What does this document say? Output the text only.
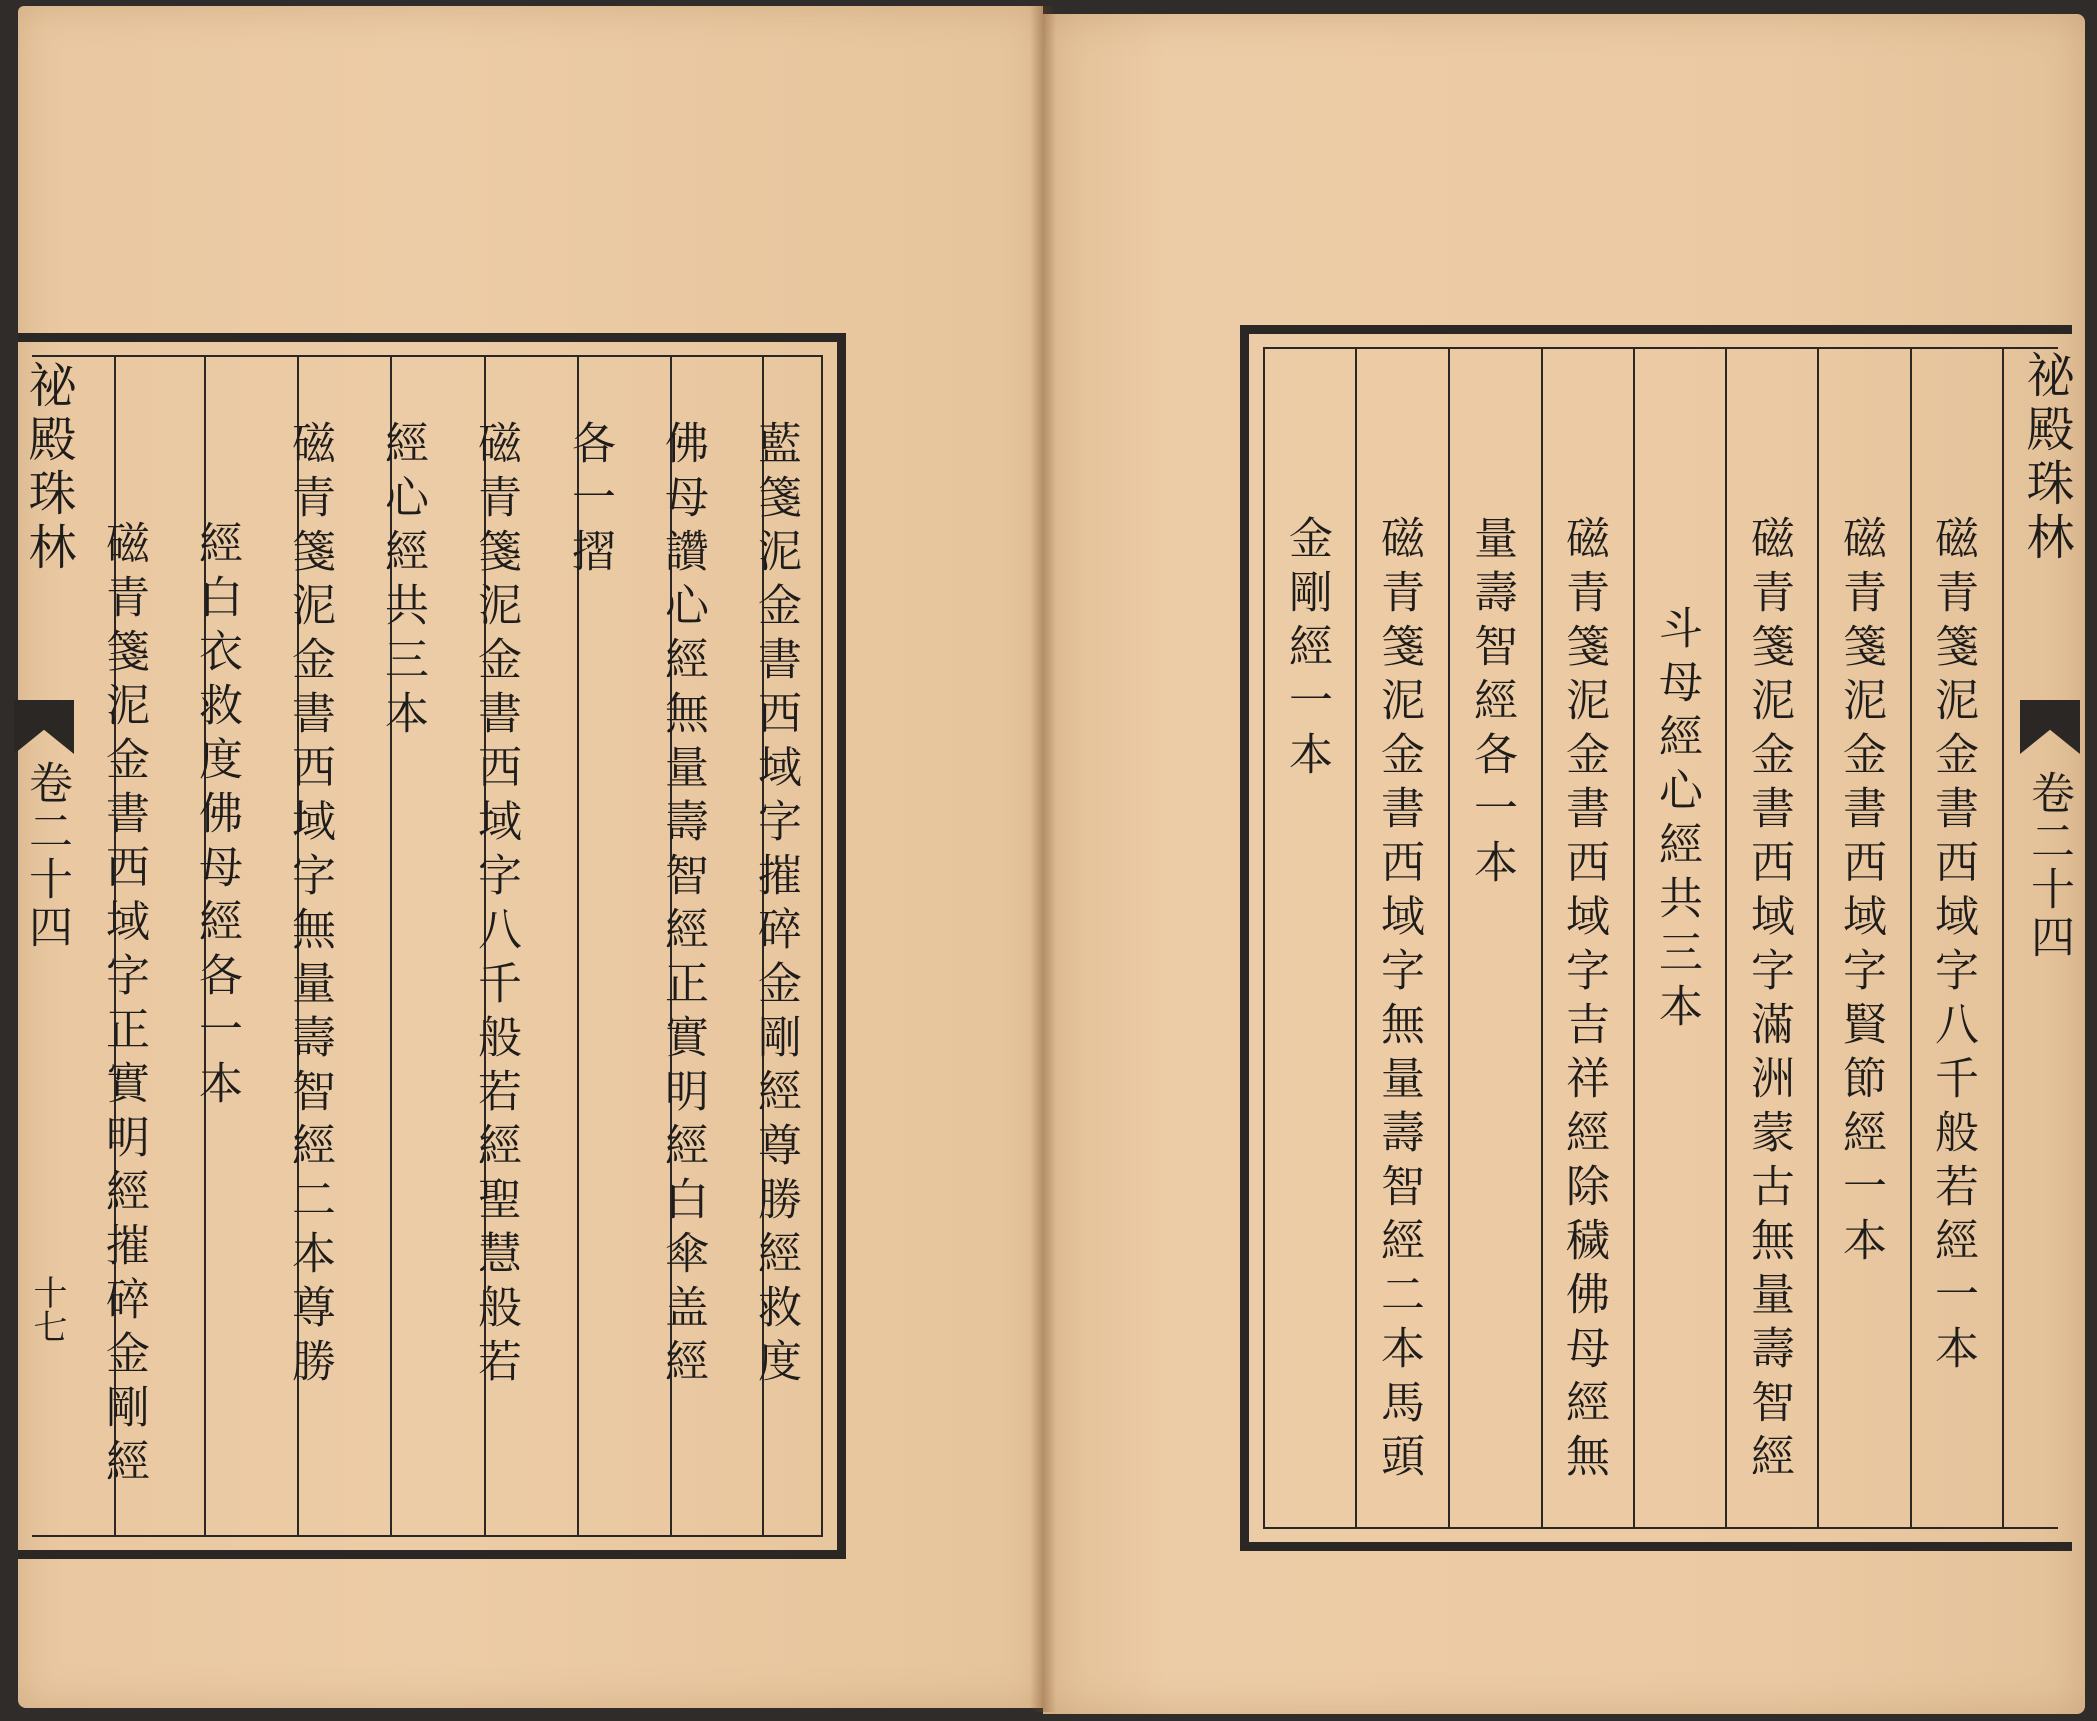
祕殿珠林
卷二十四
十七	藍箋泥金書西域字摧碎金剛經尊勝經救度
佛母讚心經無量壽智經正實明經白傘盖經
各一摺
磁青箋泥金書西域字八千般若經聖慧般若
經心經共三本
磁青箋泥金書西域字無量壽智經二本尊勝
經白衣救度佛母經各一本
磁青箋泥金書西域字正實明經摧碎金剛經
祕殿珠林
卷二十四
磁青箋泥金書西域字八千般若經一本
磁青箋泥金書西域字賢節經一本
磁青箋泥金書西域字滿洲蒙古無量壽智經
斗母經心經共三本
磁青箋泥金書西域字吉祥經除穢佛母經無
量壽智經各一本
磁青箋泥金書西域字無量壽智經二本馬頭
金剛經一本
